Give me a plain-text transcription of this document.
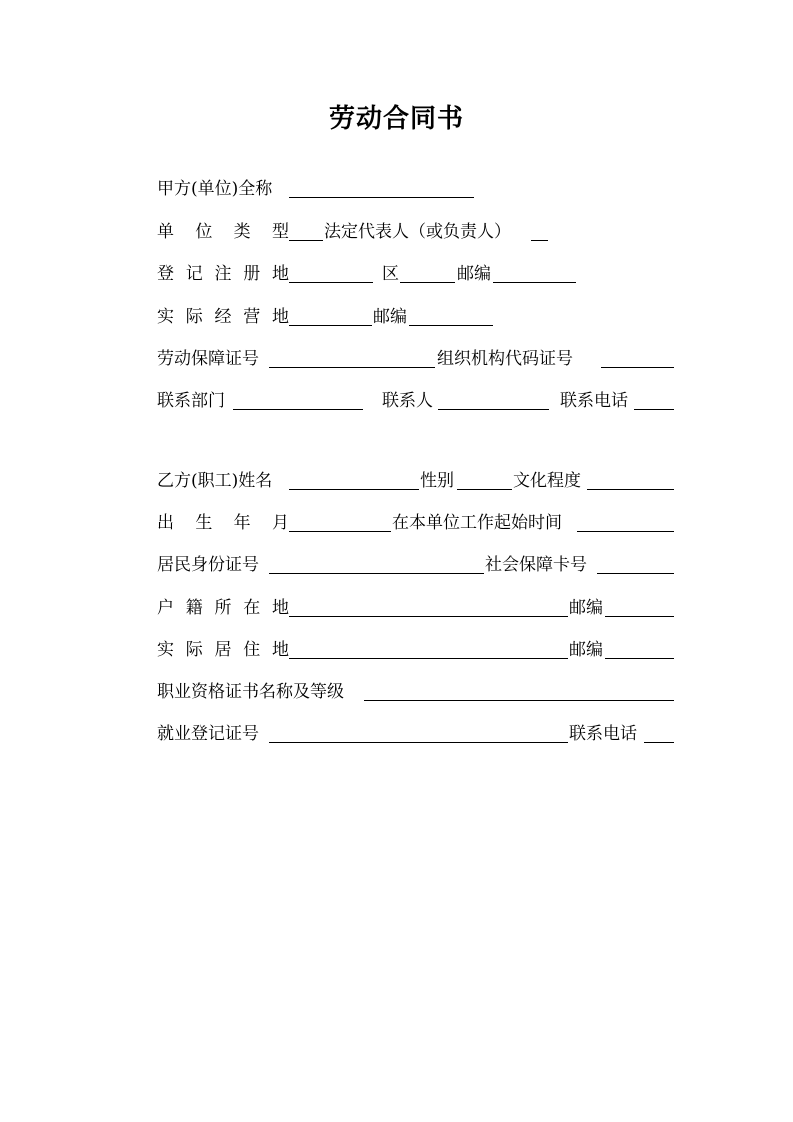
劳动合同书
甲方(单位)全称
单 位 类 型 法定代表人（或负责人）
登 记 注 册 地	区	邮编
实 际 经 营 地	邮编
劳动保障证号	组织机构代码证号
联系部门	联系人	联系电话
乙方(职工)姓名	性别	文化程度
出 生 年 月	在本单位工作起始时间
居民身份证号	社会保障卡号
户 籍 所 在 地	邮编
实 际 居 住 地	邮编
职业资格证书名称及等级
就业登记证号	联系电话
